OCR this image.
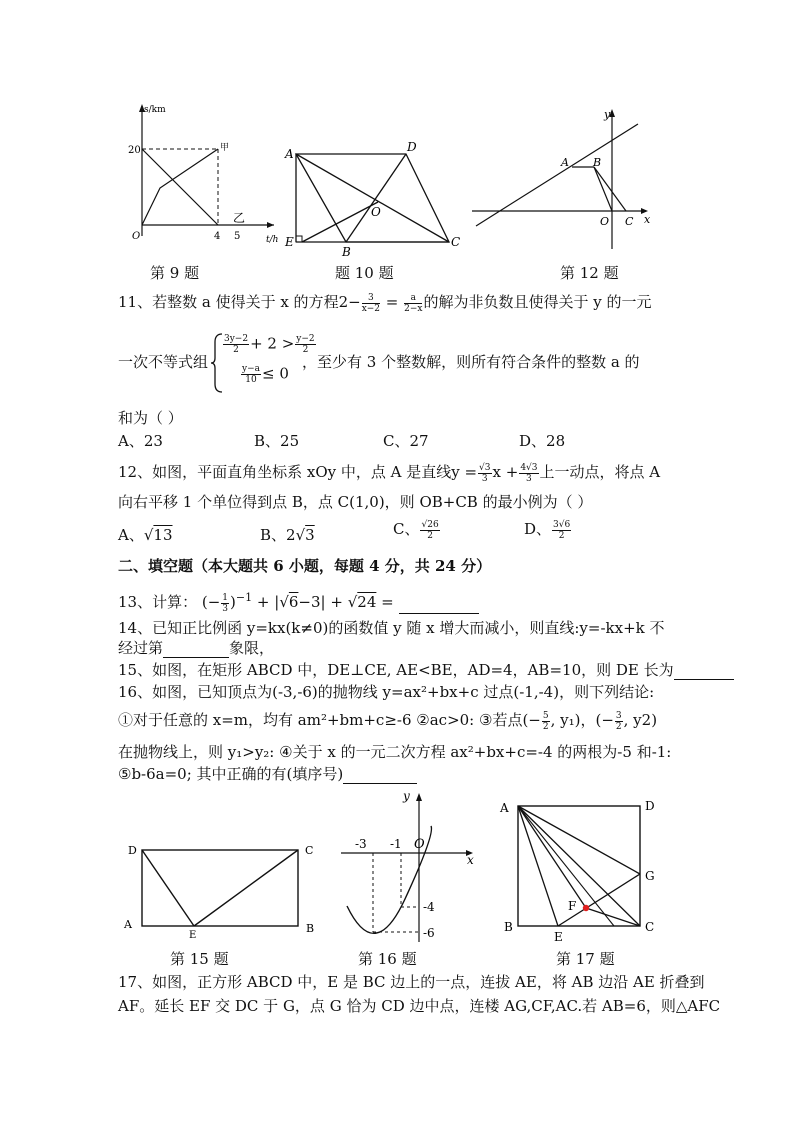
s/km
20
O	4 5	t/h
甲
乙
A	D
O
E
B
C
y
x
A B
O C
第 9 题	题 10 题	第 12 题
11、若整数 a 使得关于 x 的方程$2- \frac{3}{x-2} = \frac{a}{2-x}$ 的解为非负数且使得关于 y 的一元
一次不等式组
$\frac{3y-2}{2} + 2 > \frac{y-2}{2}$
$\frac{y-a}{10} \le 0$
，至少有 3 个整数解，则所有符合条件的整数 a 的
和为（ ）
A、23	B、25	C、27	D、28
12、如图，平面直角坐标系 xOy 中，点 A 是直线$y = \frac{√3}{3}$ $x + \frac{4√3}{3}$ 上一动点，将点 A
向右平移 1 个单位得到点 B，点 C(1,0)，则 OB+CB 的最小例为（ ）
A、√13	B、2√3	C、 $\frac{√26}{2}$	D、 $\frac{3√6}{2}$
二、填空题（本大题共 6 小题，每题 4 分，共 24 分）
13、计算： (− $\frac{1}{3} )^{-1} + |√6-3| + √24$ =
14、已知正比例函 y=kx(k≠0)的函数值 y 随 x 增大而减小，则直线:y=-kx+k 不
经过第	象限，
15、如图，在矩形 ABCD 中，DE⊥CE, AE<BE，AD=4，AB=10，则 DE 长为
16、如图，已知顶点为(-3,-6)的抛物线 y=ax²+bx+c 过点(-1,-4)，则下列结论:
①对于任意的 x=m，均有 am²+bm+c≥-6 ②ac>0: ③若点(− $\frac{5}{2}$ , y₁)，(− $\frac{3}{2}$ , y2)
在抛物线上，则 y₁>y₂: ④关于 x 的一元二次方程 ax²+bx+c=-4 的两根为-5 和-1:
⑤b-6a=0; 其中正确的有(填序号)
D	C
A	B
E
y
x
-3 -1 O
-4
-6
A	D
G
F
B
E
C
第 15 题	第 16 题	第 17 题
17、如图，正方形 ABCD 中，E 是 BC 边上的一点，连拔 AE，将 AB 边沿 AE 折叠到
AF。延长 EF 交 DC 于 G，点 G 恰为 CD 边中点，连楼 AG,CF,AC.若 AB=6，则△AFC
